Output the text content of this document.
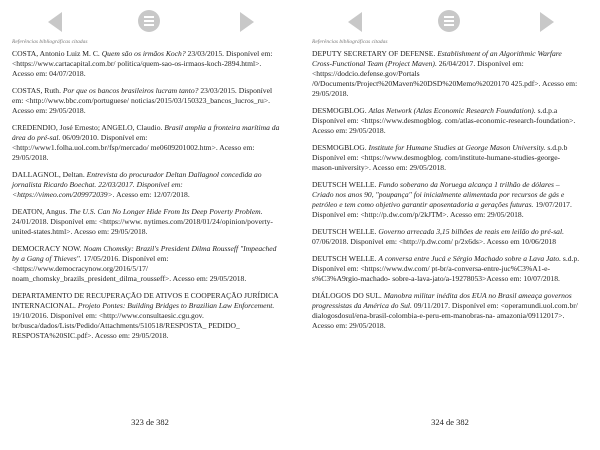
Referências bibliográficas citadas

COSTA, Antonio Luiz M. C. Quem são os irmãos Koch? 23/03/2015. Disponível em: <https://www.cartacapital.com.br/ politica/quem-sao-os-irmaos-koch-2894.html>. Acesso em: 04/07/2018.

COSTAS, Ruth. Por que os bancos brasileiros lucram tanto? 23/03/2015. Disponível em: <http://www.bbc.com/portuguese/ noticias/2015/03/150323_bancos_lucros_ru>. Acesso em: 29/05/2018.

CREDENDIO, José Ernesto; ANGELO, Claudio. Brasil amplia a fronteira marítima da área do pré-sal. 06/09/2010. Disponível em: <http://www1.folha.uol.com.br/fsp/mercado/ me0609201002.htm>. Acesso em: 29/05/2018.

DALLAGNOL, Deltan. Entrevista do procurador Deltan Dallagnol concedida ao jornalista Ricardo Boechat. 22/03/2017. Disponível em: <https://vimeo.com/209972039>. Acesso em: 12/07/2018.

DEATON, Angus. The U.S. Can No Longer Hide From Its Deep Poverty Problem. 24/01/2018. Disponível em: <https://www. nytimes.com/2018/01/24/opinion/poverty-united-states.html>. Acesso em: 29/05/2018.

DEMOCRACY NOW. Noam Chomsky: Brazil's President Dilma Rousseff "Impeached by a Gang of Thieves". 17/05/2016. Disponível em: <https://www.democracynow.org/2016/5/17/ noam_chomsky_brazils_president_dilma_rousseff>. Acesso em: 29/05/2018.

DEPARTAMENTO DE RECUPERAÇÃO DE ATIVOS E COOPERAÇÃO JURÍDICA INTERNACIONAL. Projeto Pontes: Building Bridges to Brazilian Law Enforcement. 19/10/2016. Disponível em: <http://www.consultaesic.cgu.gov. br/busca/dados/Lists/Pedido/Attachments/510518/RESPOSTA_ PEDIDO_ RESPOSTA%20SIC.pdf>. Acesso em: 29/05/2018.

323 de 382
Referências bibliográficas citadas

DEPUTY SECRETARY OF DEFENSE. Establishment of an Algorithmic Warfare Cross-Functional Team (Project Maven). 26/04/2017. Disponível em: <https://dodcio.defense.gov/Portals /0/Documents/Project%20Maven%20DSD%20Memo%2020170 425.pdf>. Acesso em: 29/05/2018.

DESMOGBLOG. Atlas Network (Atlas Economic Research Foundation). s.d.p.a Disponível em: <https://www.desmogblog. com/atlas-economic-research-foundation>. Acesso em: 29/05/2018.

DESMOGBLOG. Institute for Humane Studies at George Mason University. s.d.p.b Disponível em: <https://www.desmogblog. com/institute-humane-studies-george-mason-university>. Acesso em: 29/05/2018.

DEUTSCH WELLE. Fundo soberano da Noruega alcança 1 trilhão de dólares – Criado nos anos 90, "poupança" foi inicialmente alimentada por recursos de gás e petróleo e tem como objetivo garantir aposentadoria a gerações futuras. 19/07/2017. Disponível em: <http://p.dw.com/p/2kJTM>. Acesso em: 29/05/2018.

DEUTSCH WELLE. Governo arrecada 3,15 bilhões de reais em leilão do pré-sal. 07/06/2018. Disponível em: <http://p.dw.com/ p/2x6ds>. Acesso em 10/06/2018

DEUTSCH WELLE. A conversa entre Jucá e Sérgio Machado sobre a Lava Jato. s.d.p. Disponível em: <https://www.dw.com/ pt-br/a-conversa-entre-juc%C3%A1-e-s%C3%A9rgio-machado- sobre-a-lava-jato/a-19278053>Acesso em: 10/07/2018.

DIÁLOGOS DO SUL. Manobra militar inédita dos EUA no Brasil ameaça governos progressistas da América do Sul. 09/11/2017. Disponível em: <operamundi.uol.com.br/ dialogosdosul/ena-brasil-colombia-e-peru-em-manobras-na- amazonia/09112017>. Acesso em: 29/05/2018.

324 de 382
